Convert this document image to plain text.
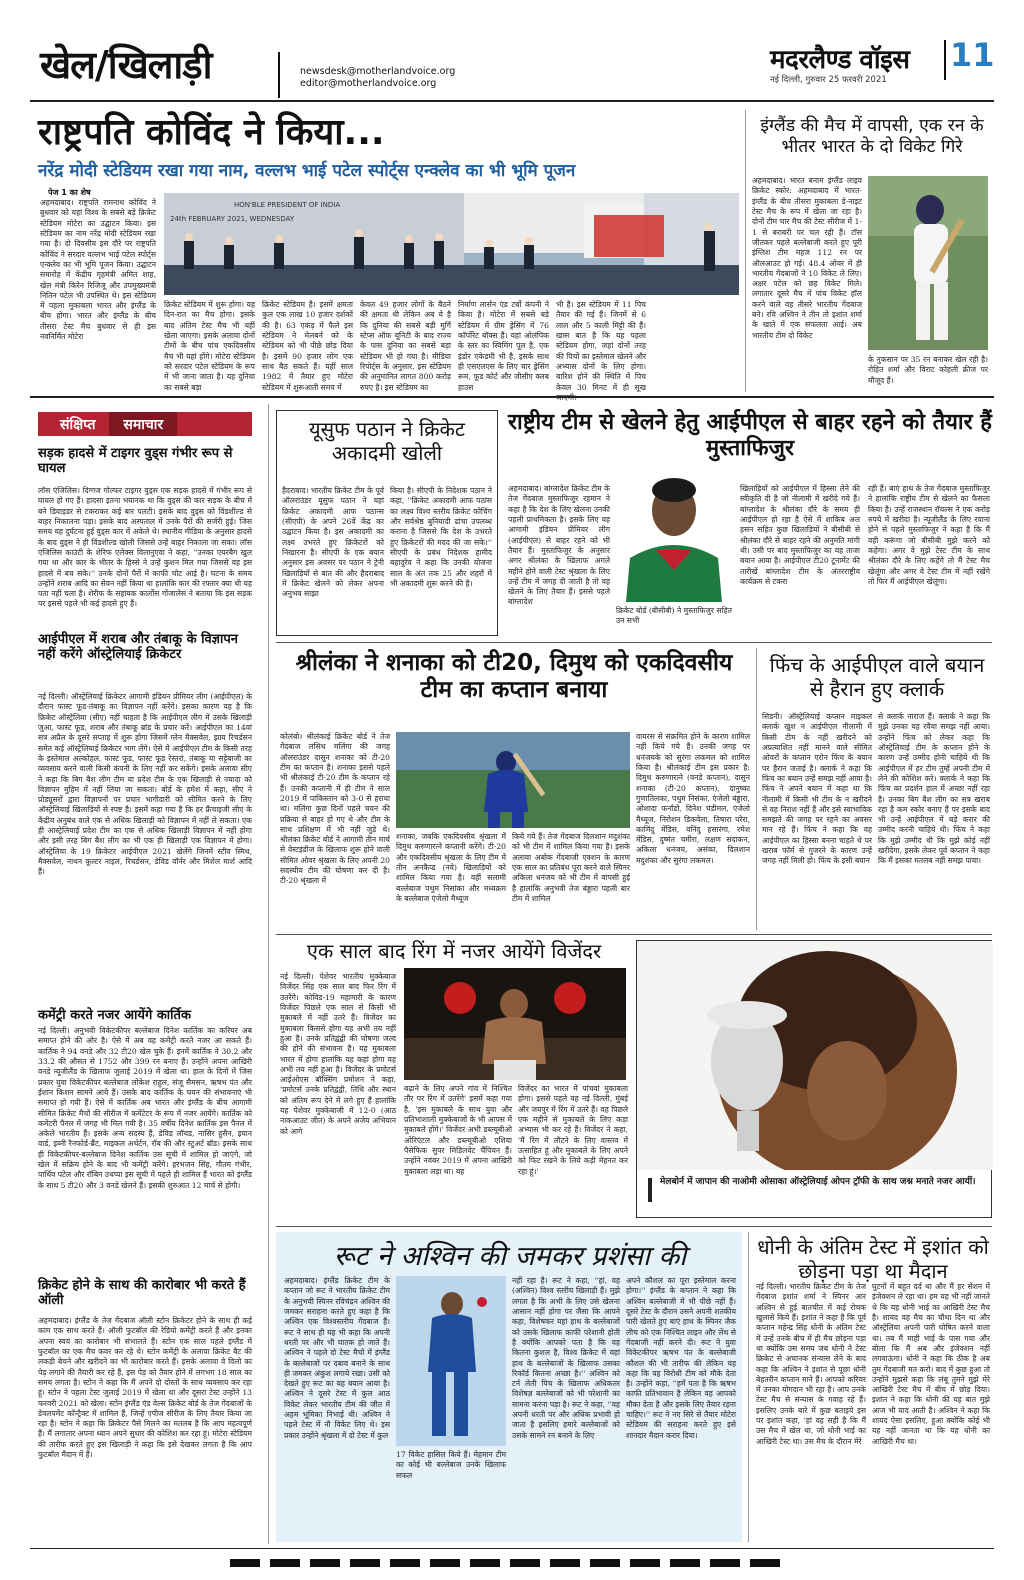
खेल/खिलाड़ी	newsdesk@motherlandvoice.org
editor@motherlandvoice.org
मदरलैण्ड वॉइस 11
नई दिल्ली, गुरुवार 25 फरवरी 2021
राष्ट्रपति कोविंद ने किया...
नरेंद्र मोदी स्टेडियम रखा गया नाम, वल्लभ भाई पटेल स्पोर्ट्स एन्क्लेव का भी भूमि पूजन
पेज 1 का शेष
अहमदाबाद। राष्ट्रपति रामनाथ कोविंद ने बुधवार को यहां विश्व के सबसे बड़े क्रिकेट स्टेडियम मोटेरा का उद्घाटन किया। इस स्टेडियम का नाम नरेंद्र मोदी स्टेडियम रखा गया है। दो दिवसीय इस दौरे पर राष्ट्रपति कोविंद ने सरदार वल्लभ भाई पटेल स्पोर्ट्स एन्क्लेव का भी भूमि पूजन किया। उद्घाटन समारोह में केंद्रीय गृहमंत्री अमित शाह, खेल मंत्री किरेन रिजिजू और उपमुख्यमंत्री नितिन पटेल भी उपस्थित थे। इस स्टेडियम में पहला मुकाबला भारत और इंग्लैंड के बीच होगा। भारत और इंग्लैंड के बीच तीसरा टेस्ट मैच बुधवार से ही इस नवनिर्मित मोटेरा
HON'BLE PRESIDENT OF INDIA
24th FEBRUARY 2021, WEDNESDAY
क्रिकेट स्टेडियम में शुरू होगा। यह दिन-रात का मैच होगा। इसके बाद अंतिम टेस्ट मैच भी यहीं खेला जाएगा। इसके अलावा दोनों टीमों के बीच पांच एकदिवसीय मैच भी यहां होंगे। मोटेरा स्टेडियम को सरदार पटेल स्टेडियम के रूप में भी जाना जाता है। यह दुनिया का सबसे बड़ा
क्रिकेट स्टेडियम है। इसमें क्षमता कुल एक लाख 10 हजार दर्शकों की है। 63 एकड़ में फैले इस स्टेडियम ने मेलबर्न को के स्टेडियम को भी पीछे छोड़ दिया है। इसमें 90 हजार लोग एक साथ बैठ सकते हैं। यहीं साल 1982 में तैयार हुए मोटेरा स्टेडियम में शुरूआती समय में
केवल 49 हजार लोगों के बैठने की क्षमता थी लेकिन अब ये है कि दुनिया की सबसे बड़ी मुर्गि स्टेप्स ऑफ यूनिटी के बाद राज्य के पास दुनिया का सबसे बड़ा स्टेडियम भी हो गया है। मीडिया रिपोर्ट्स के अनुसार, इस स्टेडियम की अनुमानित लागत 800 करोड़ रुपए है। इस स्टेडियम का
निर्माण लार्सन एंड टर्बो कंपनी ने किया है। मोटेरा में सबसे बड़े स्टेडियम में ग्रीम ड्रेसिंग में 76 कॉर्पोरेट बॉक्स हैं। यहां ओलंपिक के स्तर का स्विमिंग पूल है, एक इंडोर एकेडमी भी है, इसके साथ ही एसएलएस के लिए चार ड्रेसिंग रूम, फूड कोर्ट और जीसीए क्लब हाउस
भी है। इस स्टेडियम में 11 पिच तैयार की गई हैं। जिनमें से 6 लाल और 5 काली मिट्टी की हैं। खास बात है कि यह पहला स्टेडियम होगा, जहां दोनों तरह की पिचों का इस्तेमाल खेलने और अभ्यास दोनों के लिए होगा। बारिश होने की स्थिति में पिच केवल 30 मिनट में ही सूख
इंग्लैंड की मैच में वापसी, एक रन के भीतर भारत के दो विकेट गिरे
अहमदाबाद। भारत बनाम इंग्लैंड लाइव क्रिकेट स्कोर: अहमदाबाद में भारत-इंग्लैंड के बीच तीसरा मुकाबला डे-नाइट टेस्ट मैच के रूप में खेला जा रहा है। दोनों टीम चार मैच की टेस्ट सीरीज में 1-1 से बराबरी पर चल रही हैं। टॉस जीतकर पहले बल्लेबाजी करते हुए पूरी इंग्लिश टीम महज 112 रन पर ऑलआउट हो गई। 48.4 ओवर में ही भारतीय गेंदबाजों ने 10 विकेट ले लिए। अक्षर पटेल को छह विकेट मिले। लगातार दूसरे मैच में पांच विकेट हॉल करने वाले वह तीसरे भारतीय गेंदबाज बने। रवि अश्विन ने तीन तो इशांत शर्मा के खाते में एक सफलता आई। अब भारतीय टीम दो विकेट
के नुकसान पर 35 रन बनाकर खेल रही है। रोहित शर्मा और विराट कोहली क्रीज पर मौजूद हैं।
संक्षिप्त	समाचार
सड़क हादसे में टाइगर वुड्स गंभीर रूप से घायल
लॉस एंजिलिस। दिग्गज गोल्फर टाइगर वुड्स एक सड़क हादसे में गंभीर रूप से घायल हो गए हैं। हादसा इतना भयानक था कि वुड्स की कार सड़क के बीच में बने डिवाइडर से टकराकर कई बार पलटी। इसके बाद वुड्स को विंडशील्ड से बाहर निकालना पड़ा। इसके बाद अस्पताल में उनके पैरों की सर्जरी हुई। जिस समय यह दुर्घटना हुई वुड्स कार में अकेले थे। स्थानीय मीडिया के अनुसार हादसे के बाद वुड्स ने ही विंडशील्ड खोली जिससे उन्हें बाहर निकाला जा सका। लॉस एंजिलिस काउंटी के शेरिफ एलेक्स विलानुएवा ने कहा, ''उनका एयरबैग खुल गया था और कार के भीतर के हिस्से ने उन्हें कुशन मिल गया जिससे वह इस हादसे में बच सके।'' उनके दोनों पैरों में काफी चोट आई है। घटना के समय उन्होंने शराब आदि का सेवन नहीं किया था हालांकि कार की रफ्तार क्या थी यह पता नहीं चला है। शेरीफ के सहायक कार्लोस गोंजालेस ने बताया कि इस सड़क पर इससे पहले भी कई हादसे हुए हैं।
आईपीएल में शराब और तंबाकू के विज्ञापन नहीं करेंगे ऑस्ट्रेलियाई क्रिकेटर
नई दिल्ली। ऑस्ट्रेलियाई क्रिकेटर आगामी इंडियन प्रीमियर लीग (आईपीएल) के दौरान फास्ट फूड-तंबाकू का विज्ञापन नहीं करेंगे। इसका कारण यह है कि क्रिकेट ऑस्ट्रेलिया (सीए) नहीं चाहता है कि आईपीएल लीग में उसके खिलाड़ी जुआ, फास्ट फूड, शराब और तंबाकू ब्रांड के प्रचार करें। आईपीएल का 14वां सत्र अप्रैल के दूसरे सप्ताह में शुरू होगा जिसमें ग्लेन मैक्सवेल, झाय रिचर्डसन समेत कई ऑस्ट्रेलियाई क्रिकेटर भाग लेंगे। ऐसे में आईपीएल टीम के किसी तरह के इस्तेमाल अल्कोहल, फास्ट फूड, फास्ट फूड रेस्तरां, तंबाकू या सट्टेबाजी का व्यवसाय करने वाली किसी कंपनी के लिए नहीं कर सकेंगे। इसके अलावा सीए ने कहा कि बिग बैश लीग टीम या प्रदेश टीम के एक खिलाड़ी से ज्यादा को विज्ञापन मुहिम में नहीं लिया जा सकता। बोर्ड के हमेश में कहा, सीए ने प्रोड्यूसरों द्वारा विज्ञापनों पर प्रचार भागीदारी को सीमित करने के लिए ऑस्ट्रेलियाई खिलाड़ियों से स्पष्ट है। इसमें कहा गया है कि हर फ्रैंचाइजी सीए के केंद्रीय अनुबंध वाले एक से अधिक खिलाड़ी को विज्ञापन में नहीं ले सकता। एक ही आस्ट्रेलियाई प्रदेश टीम का एक से अधिक खिलाड़ी विज्ञापन में नहीं होगा और इसी तरह बिग बैश लीग का भी एक ही खिलाड़ी एक विज्ञापन में होगा। ऑस्ट्रेलिया के 19 क्रिकेटर आईपीएल 2021 खेलेंगे जिनमें स्टीव स्मिथ, मैक्सवेल, नाथन कूल्टर नाइल, रिचर्डसन, डेविड वॉर्नर और मिशेल मार्श आदि हैं।
कमेंट्री करते नजर आयेंगे कार्तिक
नई दिल्ली। अनुभवी विकेटकीपर बल्लेबाज दिनेश कार्तिक का करियर अब समाप्त होने की ओर है। ऐसे में अब वह कमेंट्री करते नजर आ सकते हैं। कार्तिक ने 94 वनडे और 32 टी20 खेल चुके हैं। इनमें कार्तिक ने 30.2 और 33.2 की औसत से 1752 और 399 रन बनाए हैं। उन्होंने अपना आखिरी वनडे न्यूजीलैंड के खिलाफ जुलाई 2019 में खेला था। हाल के दिनों में जिस प्रकार युवा विकेटकीपर बल्लेबाज लोकेश राहुल, संजू सैमसन, ऋषभ पंत और ईशान किशन सामने आये हैं। उसके बाद कार्तिक के चयन की संभावनाएं भी समाप्त हो गयी हैं। ऐसे में कार्तिक अब भारत और इंग्लैंड के बीच आगामी सीमित क्रिकेट मैचों की सीरीज में कमेंटेटर के रूप में नजर आयेंगे। कार्तिक को कमेंटरी पैनल में जगह भी मिल गयी है। 35 वर्षीय दिनेश कार्तिक इस पैनल में अकेले भारतीय हैं। इसके अन्य सदस्य हैं, डेविड लॉयड, नासिर हुसैन, इयान वार्ड, इब्नी रैनफोर्ड-ब्रैंट, माइकल अर्थर्टन, रॉब की और स्टुअर्ट ब्रॉड। इसके साथ ही विकेटकीपर-बल्लेबाज दिनेश कार्तिक उस सूची में शामिल हो जाएंगे, जो खेल में सक्रिय होने के बाद भी कमेंट्री करेंगे। हरभजन सिंह, गौतम गंभीर, पार्थिव पटेल और रॉबिन उथप्पा इस सूची में पहले ही शामिल हैं भारत को इंग्लैंड के साथ 5 टी20 और 3 वनडे खेलने हैं। इसकी शुरुआत 12 मार्च से होगी।
क्रिकेट होने के साथ की कारोबार भी करते हैं ऑली
अहमदाबाद। इंग्लैंड के तेज गेंदबाज ऑली स्टोन क्रिकेटर होने के साथ ही कई काम एक साथ करते हैं। ऑली फुटबॉल की रेडियो कमेंट्री करते हैं और इनका अपना स्वयं का कारोबार भी संभालते हैं। स्टोन एक साल पहले इंग्लैंड में फुटबॉल का एक मैच कवर कर रहे थे। स्टोन कमेंट्री के अलावा क्रिकेट बैट की लकड़ी बेचने और खरीदने का भी कारोबार करते हैं। इसके अलावा वे विलो का पेड़ लगाने की तैयारी कर रहे हैं, इस पेड़ को तैयार होने में लगभग 18 साल का समय लगता है। स्टोन ने कहा कि मैं अपने दो दोस्तों के साथ व्यवसाय कर रहा हूं। स्टोन ने पहला टेस्ट जुलाई 2019 में खेला था और दूसरा टेस्ट उन्होंने 13 फरवरी 2021 को खेला। स्टोन इंग्लैंड एंड वेल्स क्रिकेट बोर्ड के तेज गेंदबाजों के डेवलपमेंट कॉन्ट्रैक्ट में शामिल हैं, जिन्हें एपीज सीरीज के लिए तैयार किया जा रहा है। स्टोन ने कहा कि क्रिकेटर पैसे मिलने का मतलब है कि आप महत्वपूर्ण हैं। मैं लगातार अपना ध्यान अपने सुधार की कोशिश कर रहा हूं। मोटेरा स्टेडियम की तारीफ करते हुए इस खिलाड़ी ने कहा कि इसे देखकर लगता है कि आप फुटबॉल मैदान में हैं।
यूसुफ पठान ने क्रिकेट अकादमी खोली
हैदराबाद। भारतीय क्रिकेट टीम के पूर्व ऑलराउंडर यूसुफ पठान ने यहां क्रिकेट अकादमी आफ पठान्स (सीएपी) के अपने 26वें केंद्र का उद्घाटन किया है। इस अकादमी का लक्ष्य उभरते हुए क्रिकेटरों को निखारना है। सीएपी के एक बयान अनुसार इस अवसर पर पठान ने ट्रेनी खिलाड़ियों से बात की और हैदराबाद में क्रिकेट खेलने को लेकर अपना अनुभव साझा
किया है। सीएपी के निदेशक पठान ने कहा, ''क्रिकेट अकादमी आफ पठांस का लक्ष्य विश्व स्तरीय क्रिकेट कोचिंग और सर्वश्रेष्ठ बुनियादी ढांचा उपलब्ध कराना है जिससे कि देश के उभरते हुए क्रिकेटरों की मदद की जा सके।'' सीएपी के प्रबंध निदेशक हामीद बहादुरेव ने कहा कि उनकी योजना साल के अंत तक 25 और शहरों में भी अकादमी शुरू करने की है।
राष्ट्रीय टीम से खेलने हेतु आईपीएल से बाहर रहने को तैयार हैं मुस्ताफिजुर
अहमदाबाद। बांग्लादेश क्रिकेट टीम के तेज गेंदबाज मुस्ताफिजुर रहमान ने कहा है कि देश के लिए खेलना उनकी पहली प्राथमिकता है। इसके लिए वह आगामी इंडियन प्रीमियर लीग (आईपीएल) से बाहर रहने को भी तैयार हैं। मुस्ताफिजुर के अनुसार अगर श्रीलंका के खिलाफ अगले महीने होने वाली टेस्ट श्रृंखला के लिए उन्हें टीम में जगह दी जाती है तो वह खेलने के लिए तैयार हैं। इससे पहले बांग्लादेश
क्रिकेट बोर्ड (बीसीबी) ने मुस्ताफिजुर सहित उन सभी
खिलाड़ियों को आईपीएल में हिस्सा लेने की स्वीकृति दी है जो नीलामी में खरीदे गये हैं। बांग्लादेश के श्रीलंका दौरे के समय ही आईपीएल हो रहा है ऐसे में शाकिब अल हसन सहित कुछ खिलाड़ियों ने बीसीबी से श्रीलंका दौरे से बाहर रहने की अनुमति मांगी थी। उसी पर बाद मुस्ताफिजुर का यह ताजा बयान आया है। आईपीएल टी20 टूनामेंट की तारीखें बांग्लादेश टीम के अंतरराष्ट्रीय कार्यक्रम से टकरा
रही हैं। बाएं हाथ के तेज गेंदबाज मुस्ताफिजुर ने हालांकि राष्ट्रीय टीम से खेलने का फैसला किया है। उन्हें राजस्थान रॉयल्स ने एक करोड़ रुपये में खरीदा है। न्यूजीलैंड के लिए रवाना होने से पहले मुस्ताफिजुर ने कहा है कि मैं वही करूंगा जो बीसीबी मुझे करने को कहेगा। अगर वे मुझे टेस्ट टीम के साथ श्रीलंका दौरे के लिए कहेंगे तो मैं टेस्ट मैच खेलूंगा और अगर वे टेस्ट टीम में नहीं रखेंगे तो फिर मैं आईपीएल खेलूंगा।
श्रीलंका ने शनाका को टी20, दिमुथ को एकदिवसीय टीम का कप्तान बनाया
कोलंबो। श्रीलंकाई क्रिकेट बोर्ड ने तेज गेंदबाज लसिथ मलिंगा की जगह ऑलराउंडर दासुन शनाका को टी-20 टीम का कप्तान है। शनाका इससे पहले भी श्रीलंकाई टी-20 टीम के कप्तान रहे हैं। उनकी कप्तानी में ही टीम ने साल 2019 में पाकिस्तान को 3-0 से हराया था। मलिंगा कुछ दिनों पहले चयन की प्रक्रिया से बाहर हो गए थे और टीम के साथ प्रशिक्षण में भी नहीं जुड़े थे। श्रीलंका क्रिकेट बोर्ड ने आगामी तीन मार्च से वेस्टइंडीज के खिलाफ शुरू होने वाली सीमित ओवर श्रृंखला के लिए अपनी 20 सदस्यीय टीम की घोषणा कर दी है। टी-20 श्रृंखला में
शनाका, जबकि एकदिवसीय श्रृंखला में दिमुथ करुणारत्ने कप्तानी करेंगे। टी-20 और एकदिवसीय श्रृंखला के लिए टीम में तीन अनकैप्ड (नये) खिलाड़ियों को शामिल किया गया है। वहीं सलामी बल्लेबाज पथुम निसांका और मध्यक्रम के बल्लेबाज एंजेलो मैथ्यूज
किये गये हैं। तेज गेंदबाज दिलशान मदुशंका को भी टीम में शामिल किया गया है। इसके अलावा अबोक गेंदबाजी एक्शन के कारण एक साल का प्रतिबंध पूरा करने वाले स्पिनर अकिला धनंजय को भी टीम में वापसी हुई है हालांकि अनुभवी तेज बंड्डारा पहली बार टीम में शामिल
वायरस से संक्रमित होने के कारण शामिल नहीं किये गये हैं। उनकी जगह पर धनंजयके को सुरंगा लकमल को शामिल किया है। श्रीलंकाई टीम इस प्रकार है: दिमुथ करुणारत्ने (वनडे कप्तान), दासुन शनाका (टी-20 कप्तान), दानुष्का गुणातिलका, पथुम निसंका, एंजेलो बंड्डारा, ओशादा फर्नांडो, दिनेश चंडीमल, एंजेलो मैथ्यूज, निरोशन डिकवेला, तिषारा परेरा, कामिंदु मेंडिस, वनिंदु हसारंगा, रमेश मेंडिस, दुष्मंत चमीरा, लक्षण सदाकन, अकिला धनंजय, असंका, दिलशान मदुशंका और सुरंगा लकमल।
फिंच के आईपीएल वाले बयान से हैरान हुए क्लार्क
सिडनी। ऑस्ट्रेलियाई कप्तान माइकल क्लार्क खुश न आईपीएल नीलामी में किसी टीम के नहीं खरीदने को अप्रत्याशित नहीं मानने वाले सीमित ओवरों के कप्तान एरोन फिंच के बयान पर हैरान जताई है। क्लार्क ने कहा कि फिंच का बयान उन्हें समझ नहीं आया है। फिंच ने अपने बयान में कहा था कि नीलामी में किसी भी टीम के न खरीदने से वह निराश नहीं हैं और इसे स्वाभाविक समझते की जगह पर रहने का अवसर मान रहे हैं। फिंच ने कहा कि वह आईपीएल का हिस्सा बनना चाहते थे पर खराब फॉर्म से गुजरने के कारण उन्हें जगह नहीं मिली हो। फिंच के इसी बयान
से क्लार्क नाराज हैं। क्लार्क ने कहा कि मुझे उनका यह रवैया समझ नहीं आया। उन्होंने फिंच को लेकर कहा कि ऑस्ट्रेलियाई टीम के कप्तान होने के कारण उन्हें उम्मीद होनी चाहिये थी कि आईपीएल में हर टीम तुम्हें अपनी टीम में लेने की कोशिश करे। क्लार्क ने कहा कि फिंच का प्रदर्शन हाल में अच्छा नहीं रहा है। उनका बिग बैश लीग का सत्र खराब रहा है कम स्कोर बनाए हैं पर इसके बाद भी उन्हें आईपीएल में बड़े करार की उम्मीद करनी चाहिये थी। फिंच ने कहा कि मुझे उम्मीद थी कि मुझे कोई नहीं खरीदेगा, इसके लेकर पूर्व कप्तान ने कहा कि मैं इसका मतलब नहीं समझ पाया।
एक साल बाद रिंग में नजर आयेंगे विजेंदर
नई दिल्ली। पेशेवर भारतीय मुक्केबाज विजेंदर सिंह एक साल बाद फिर रिंग में उतरेंगे। कोविड-19 महामारी के कारण विजेंदर पिछले एक साल से किसी भी मुकाबले में नहीं उतरे हैं। विजेंदर का मुकाबला किससे होगा यह अभी तय नहीं हुआ है। उनके प्रतिद्वंद्वी की घोषणा जल्द की होने की संभावना है। यह मुकाबला भारत में होगा हालांकि यह कहां होगा यह अभी तय नहीं हुआ है। विजेंदर के प्रमोटर्स आईओएस बॉक्सिंग प्रमोशन ने कहा, 'प्रमोटर्स उनके प्रतिद्वंद्वी, तिथि और स्थान को अंतिम रूप देने में लगे हुए हैं हालांकि यह पेशेवर मुक्केबाजी में 12-0 (आठ नाकआउट जीत) के अपने अजेय अभियान को आगे
बढ़ाने के लिए अपने गांव में निश्चित तौर पर रिंग में उतरेंगे' इसमें कहा गया है, 'इस मुकाबले के साथ युवा और प्रतिभाशाली मुक्केबाजों के भी आपस में मुकाबले होंगे।' विजेंदर अभी डब्ल्यूबीओ ओरिएंटल और डब्ल्यूबीओ एशिया पैसेफिक सुपर मिडिलवेट चैंपियन हैं। उन्होंने नवंबर 2019 में अपना आखिरी मुकाबला लड़ा था। यह
विजेंदर का भारत में पांचवां मुकाबला होगा। इससे पहले वह नई दिल्ली, मुंबई और जयपुर में रिंग में उतरे हैं। वह पिछले एक महीने से मुकाबले के लिए कड़ा अभ्यास भी कर रहे हैं। विजेंदर ने कहा, 'मैं रिंग में लौटने के लिए वास्तव में उत्साहित हूं और मुकाबले के लिए अपने को फिट रखने के लिये कड़ी मेहनत कर रहा हूं।'
मेलबोर्न में जापान की नाओमी ओसाका ऑस्ट्रेलियाई ओपन ट्रॉफी के साथ जश्न मनाते नजर आयीं।
रूट ने अश्विन की जमकर प्रशंसा की
अहमदाबाद। इंग्लैंड क्रिकेट टीम के कप्तान जो रूट ने भारतीय क्रिकेट टीम के अनुभवी स्पिनर रविचंद्रन अश्विन की जमकर सराहना करते हुए कहा है कि अश्विन एक विश्वस्तरीय गेंदबाज हैं। रूट ने साथ ही यह भी कहा कि अपनी धरती पर और भी घातक हो जाते हैं। अश्विन ने पहले दो टेस्ट मैचों में इंग्लैंड के बल्लेबाजों पर दबाव बनाने के साथ ही जमकर अंकुश लगाये रखा। उसी को देखते हुए रूट का यह बयान आया है। अश्विन ने दूसरे टेस्ट में कुल आठ विकेट लेकर भारतीय टीम की जीत में अहम भूमिका निभाई थी। अश्विन ने पहले टेस्ट में नौ विकेट लिए थे। इस प्रकार उन्होंने श्रृंखला में दो टेस्ट में कुल
17 विकेट हासिल किये हैं। मेहमान टीम का कोई भी बल्लेबाज उनके खिलाफ सफल
नहीं रहा है। रूट ने कहा, ''हां, वह (अश्विन) विश्व स्तरीय खिलाड़ी हैं। मुझे लगता है कि अभी के लिए उसे खेलना आसान नहीं होगा पर जैसा कि आपने कहा, विशेषकर यहां हाथ के बल्लेबाजों को उसके खिलाफ काफी परेशानी होती है क्योंकि आपको पता है कि वह कितना कुशल है, विश्व क्रिकेट में यहां हाथ के बल्लेबाजों के खिलाफ उसका रिकॉर्ड कितना अच्छा है।'' अश्विन को टर्न लेती पिच के खिलाफ अधिकतर विशेषज्ञ बल्लेबाजों को भी परेशानी का सामना करना पड़ा है। रूट ने कहा, ''वह अपनी धरती पर और अधिक प्रभावी हो जाता है इसलिए हमारे बल्लेबाजों को उसके सामने रन बनाने के लिए
अपने कौशल का पूरा इस्तेमाल करना होगा।'' इंग्लैंड के कप्तान ने कहा कि अश्विन बल्लेबाजी में भी पीछे नहीं हैं। दूसरे टेस्ट के दौरान उसने अपनी शतकीय पारी खेलते हुए बाएं हाथ के स्पिनर जैक लीच को एक निश्चित लाइन और लेंथ से गेंदबाजी नहीं करने दी। रूट ने युवा विकेटकीपर ऋषभ पंत के बल्लेबाजी कौशल की भी तारीफ की लेकिन यह कहा कि वह विरोधी टीम को मौके देता है। उन्होंने कहा, ''हमें पता है कि ऋषभ काफी प्रतिभावान है लेकिन वह आपको मौका देता है और इसके लिए तैयार रहना चाहिए।'' रूट ने नए सिरे से तैयार मोटेरा स्टेडियम की सराहना करते हुए इसे शानदार मैदान करार दिया।
धोनी के अंतिम टेस्ट में इशांत को छोड़ना पड़ा था मैदान
नई दिल्ली। भारतीय क्रिकेट टीम के तेज गेंदबाज इशांत शर्मा ने स्पिनर आर अश्विन से हुई बातचीत में कई रोचक खुलासे किये हैं। इशांत ने कहा है कि पूर्व कप्तान महेन्द्र सिंह धोनी के अंतिम टेस्ट में उन्हें उनके बीच में ही मैच छोड़ना पड़ा था क्योंकि उस समय जब धोनी ने टेस्ट क्रिकेट से अचानक संन्यास लेने के बाद कहा कि अश्विन ने इशांत से पूछा धोनी बेहतरीन कप्तान माने हैं। आपको करियर में उनका योगदान भी रहा है। आप उनके टेस्ट मैच से संन्यास के गवाह रहे हैं। इसलिए उनके बारे में कुछ बताइये इस पर इशांत कहा, 'हां वह सही है कि मैं उस मैच में खेल था, जो धोनी भाई का आखिरी टेस्ट था। उस मैच के दौरान मेरे
घुटनों में बहुत दर्द था और मैं हर सेशन में इंजेक्शन ले रहा था। हम यह भी नहीं जानते थे कि यह धोनी भाई का आखिरी टेस्ट मैच है। शायद वह मैच का चौथा दिन था और ऑस्ट्रेलिया अपनी पारी घोषित करने वाला था। तब मैं माही भाई के पास गया और बोला कि मैं अब और इंजेक्शन नहीं लगवाऊंगा। धोनी ने कहा कि ठीक है अब तुम गेंदबाजी मत करो। बाद में कुछ हुआ तो उन्होंने मुझसे कहा कि लंबू तुमने मुझे मेरे आखिरी टेस्ट मैच में बीच में छोड़ दिया। इशांत ने कहा कि धोनी की यह बात मुझे आज भी याद आती है। अश्विन ने कहा कि शायद ऐसा इसलिए, हुआ क्योंकि कोई भी यह नहीं जानता था कि यह धोनी का आखिरी मैच था।
